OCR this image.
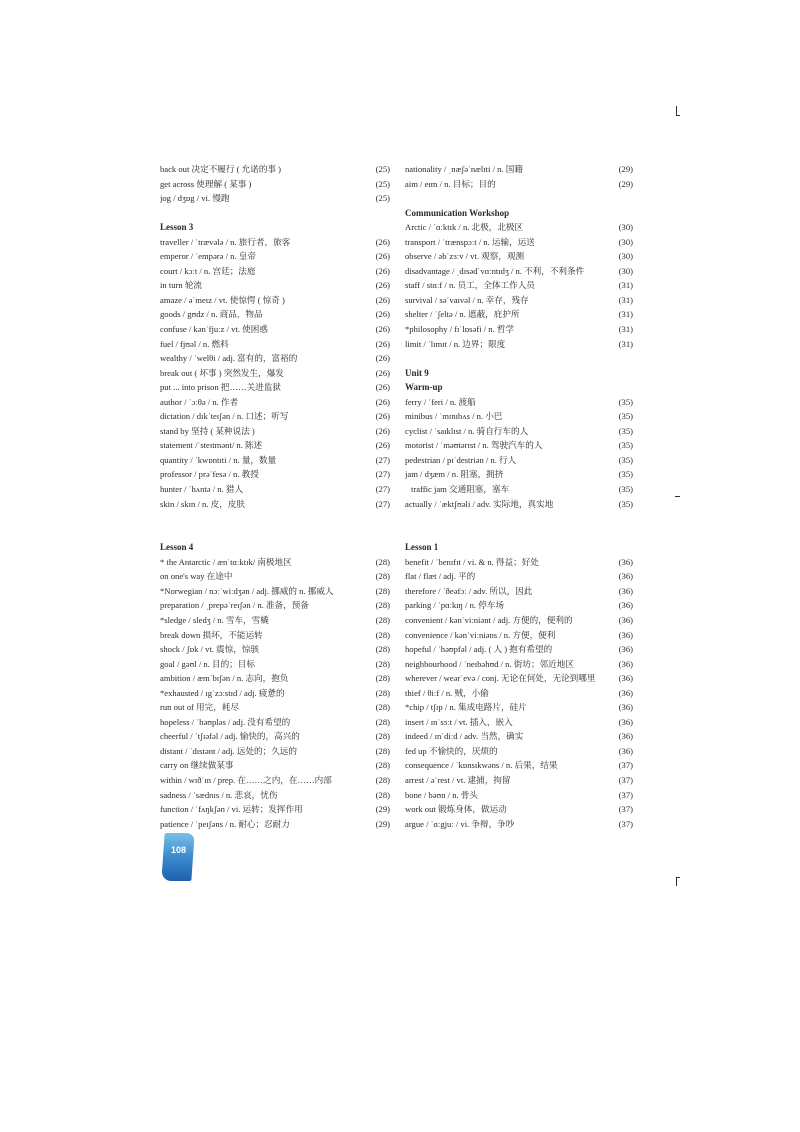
back out 决定不履行 ( 允诺的事 )	(25)
get across 使理解 ( 某事 )	(25)
jog / dʒɒg / vi. 慢跑	(25)
Lesson 3
traveller / ˈtrævələ / n. 旅行者，旅客	(26)
emperor / ˈempərə / n. 皇帝	(26)
court / kɔːt / n. 宫廷；法庭	(26)
in turn 轮流	(26)
amaze / əˈmeɪz / vt. 使惊愕 ( 惊奇 )	(26)
goods / gʊdz / n. 商品，物品	(26)
confuse / kənˈfjuːz / vt. 使困惑	(26)
fuel / fjʊəl / n. 燃料	(26)
wealthy / ˈwelθi / adj. 富有的，富裕的	(26)
break out ( 坏事 ) 突然发生，爆发	(26)
put ... into prison 把……关进监狱	(26)
author / ˈɔːθə / n. 作者	(26)
dictation / dɪkˈteɪʃən / n. 口述；听写	(26)
stand by 坚持 ( 某种说法 )	(26)
statement /ˈsteɪtmənt/ n. 陈述	(26)
quantity / ˈkwɒntɪti / n. 量，数量	(27)
professor / prəˈfesə / n. 教授	(27)
hunter / ˈhʌntə / n. 猎人	(27)
skin / skɪn / n. 皮，皮肤	(27)
Lesson 4
* the Antarctic / ænˈtɑːktɪk/ 南极地区	(28)
on one's way 在途中	(28)
*Norwegian / nɔːˈwiːdʒən / adj. 挪威的 n. 挪威人	(28)
preparation / ˌprepəˈreɪʃən / n. 准备，预备	(28)
*sledge / sledʒ / n. 雪车，雪橇	(28)
break down 损坏，不能运转	(28)
shock / ʃɒk / vt. 震惊，惊骇	(28)
goal / gəʊl / n. 目的；目标	(28)
ambition / æmˈbɪʃən / n. 志向，抱负	(28)
*exhausted / ɪgˈzɔːstɪd / adj. 疲惫的	(28)
run out of 用完，耗尽	(28)
hopeless / ˈhəʊpləs / adj. 没有希望的	(28)
cheerful / ˈtʃɪəfəl / adj. 愉快的，高兴的	(28)
distant / ˈdɪstənt / adj. 远处的；久远的	(28)
carry on 继续做某事	(28)
within / wɪðˈɪn / prep. 在……之内，在……内部	(28)
sadness / ˈsædnɪs / n. 悲哀，忧伤	(28)
function / ˈfʌŋkʃən / vi. 运转；发挥作用	(29)
patience / ˈpeɪʃəns / n. 耐心；忍耐力	(29)
nationality / ˌnæʃəˈnælɪti / n. 国籍	(29)
aim / eɪm / n. 目标；目的	(29)
Communication Workshop
Arctic / ˈɑːktɪk / n. 北极，北极区	(30)
transport / ˈtrænspɔːt / n. 运输，运送	(30)
observe / əbˈzɜːv / vt. 观察，观测	(30)
disadvantage / ˌdɪsədˈvɑːntɪdʒ / n. 不利，不利条件	(30)
staff / stɑːf / n. 员工，全体工作人员	(31)
survival / səˈvaɪvəl / n. 幸存，残存	(31)
shelter / ˈʃeltə / n. 遮蔽，庇护所	(31)
*philosophy / fɪˈlɒsəfi / n. 哲学	(31)
limit / ˈlɪmɪt / n. 边界；限度	(31)
Unit 9
Warm-up
ferry / ˈferi / n. 渡船	(35)
minibus / ˈmɪnɪbʌs / n. 小巴	(35)
cyclist / ˈsaɪklɪst / n. 骑自行车的人	(35)
motorist / ˈməʊtərɪst / n. 驾驶汽车的人	(35)
pedestrian / pɪˈdestriən / n. 行人	(35)
jam / dʒæm / n. 阻塞，拥挤	(35)
traffic jam 交通阻塞，塞车	(35)
actually / ˈæktʃʊəli / adv. 实际地，真实地	(35)
Lesson 1
benefit / ˈbenɪfɪt / vi. & n. 得益；好处	(36)
flat / flæt / adj. 平的	(36)
therefore / ˈðeəfɔː / adv. 所以，因此	(36)
parking / ˈpɑːkɪŋ / n. 停车场	(36)
convenient / kənˈviːniənt / adj. 方便的，便利的	(36)
convenience / kənˈviːniəns / n. 方便，便利	(36)
hopeful / ˈhəʊpfəl / adj. ( 人 ) 抱有希望的	(36)
neighbourhood / ˈneɪbəhʊd / n. 街坊；邻近地区	(36)
wherever / weərˈevə / conj. 无论在何处，无论到哪里	(36)
thief / θiːf / n. 贼，小偷	(36)
*chip / tʃɪp / n. 集成电路片，硅片	(36)
insert / ɪnˈsɜːt / vt. 插入，嵌入	(36)
indeed / ɪnˈdiːd / adv. 当然，确实	(36)
fed up 不愉快的，厌烦的	(36)
consequence / ˈkɒnsɪkwəns / n. 后果，结果	(37)
arrest / əˈrest / vt. 逮捕，拘留	(37)
bone / bəʊn / n. 骨头	(37)
work out 锻炼身体，做运动	(37)
argue / ˈɑːgjuː / vi. 争辩，争吵	(37)
108
